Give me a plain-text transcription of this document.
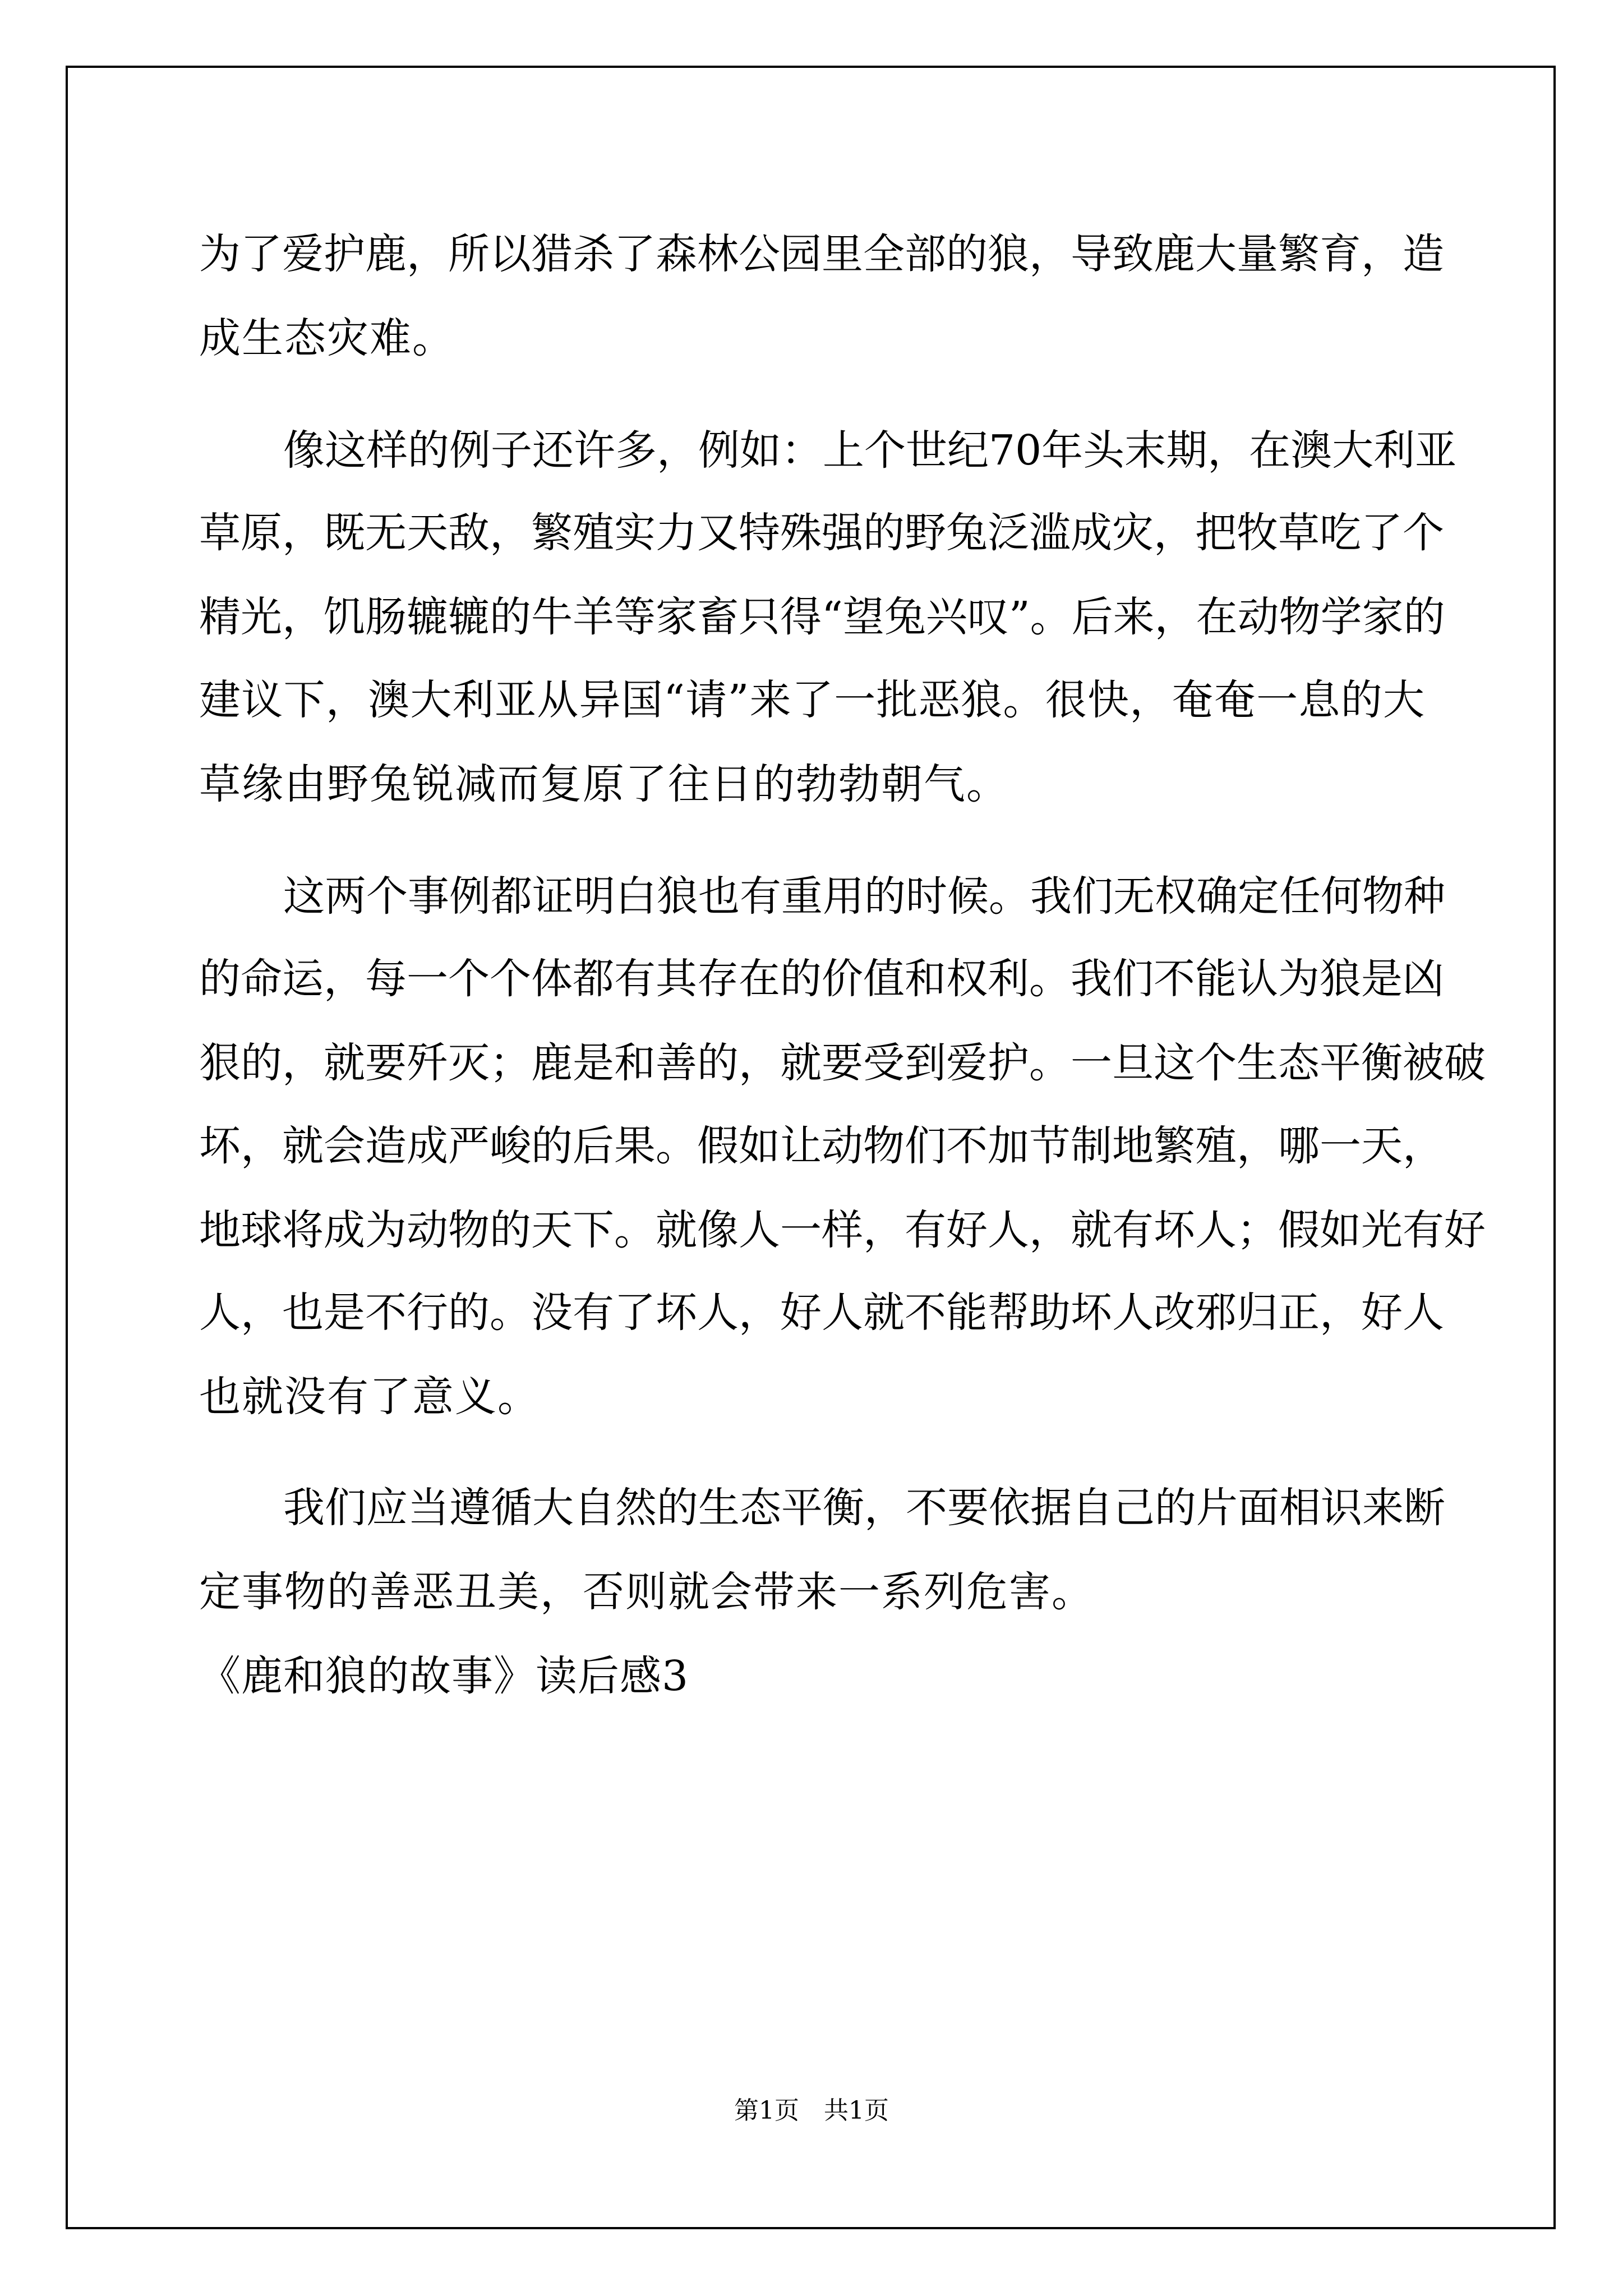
为了爱护鹿，所以猎杀了森林公园里全部的狼，导致鹿大量繁育，造
成生态灾难。
像这样的例子还许多，例如：上个世纪70年头末期，在澳大利亚
草原，既无天敌，繁殖实力又特殊强的野兔泛滥成灾，把牧草吃了个
精光，饥肠辘辘的牛羊等家畜只得“望兔兴叹”。后来，在动物学家的
建议下，澳大利亚从异国“请”来了一批恶狼。很快，奄奄一息的大
草缘由野兔锐减而复原了往日的勃勃朝气。
这两个事例都证明白狼也有重用的时候。我们无权确定任何物种
的命运，每一个个体都有其存在的价值和权利。我们不能认为狼是凶
狠的，就要歼灭；鹿是和善的，就要受到爱护。一旦这个生态平衡被破
坏，就会造成严峻的后果。假如让动物们不加节制地繁殖，哪一天，
地球将成为动物的天下。就像人一样，有好人，就有坏人；假如光有好
人，也是不行的。没有了坏人，好人就不能帮助坏人改邪归正，好人
也就没有了意义。
我们应当遵循大自然的生态平衡，不要依据自己的片面相识来断
定事物的善恶丑美，否则就会带来一系列危害。
《鹿和狼的故事》读后感3
第1页 共1页
